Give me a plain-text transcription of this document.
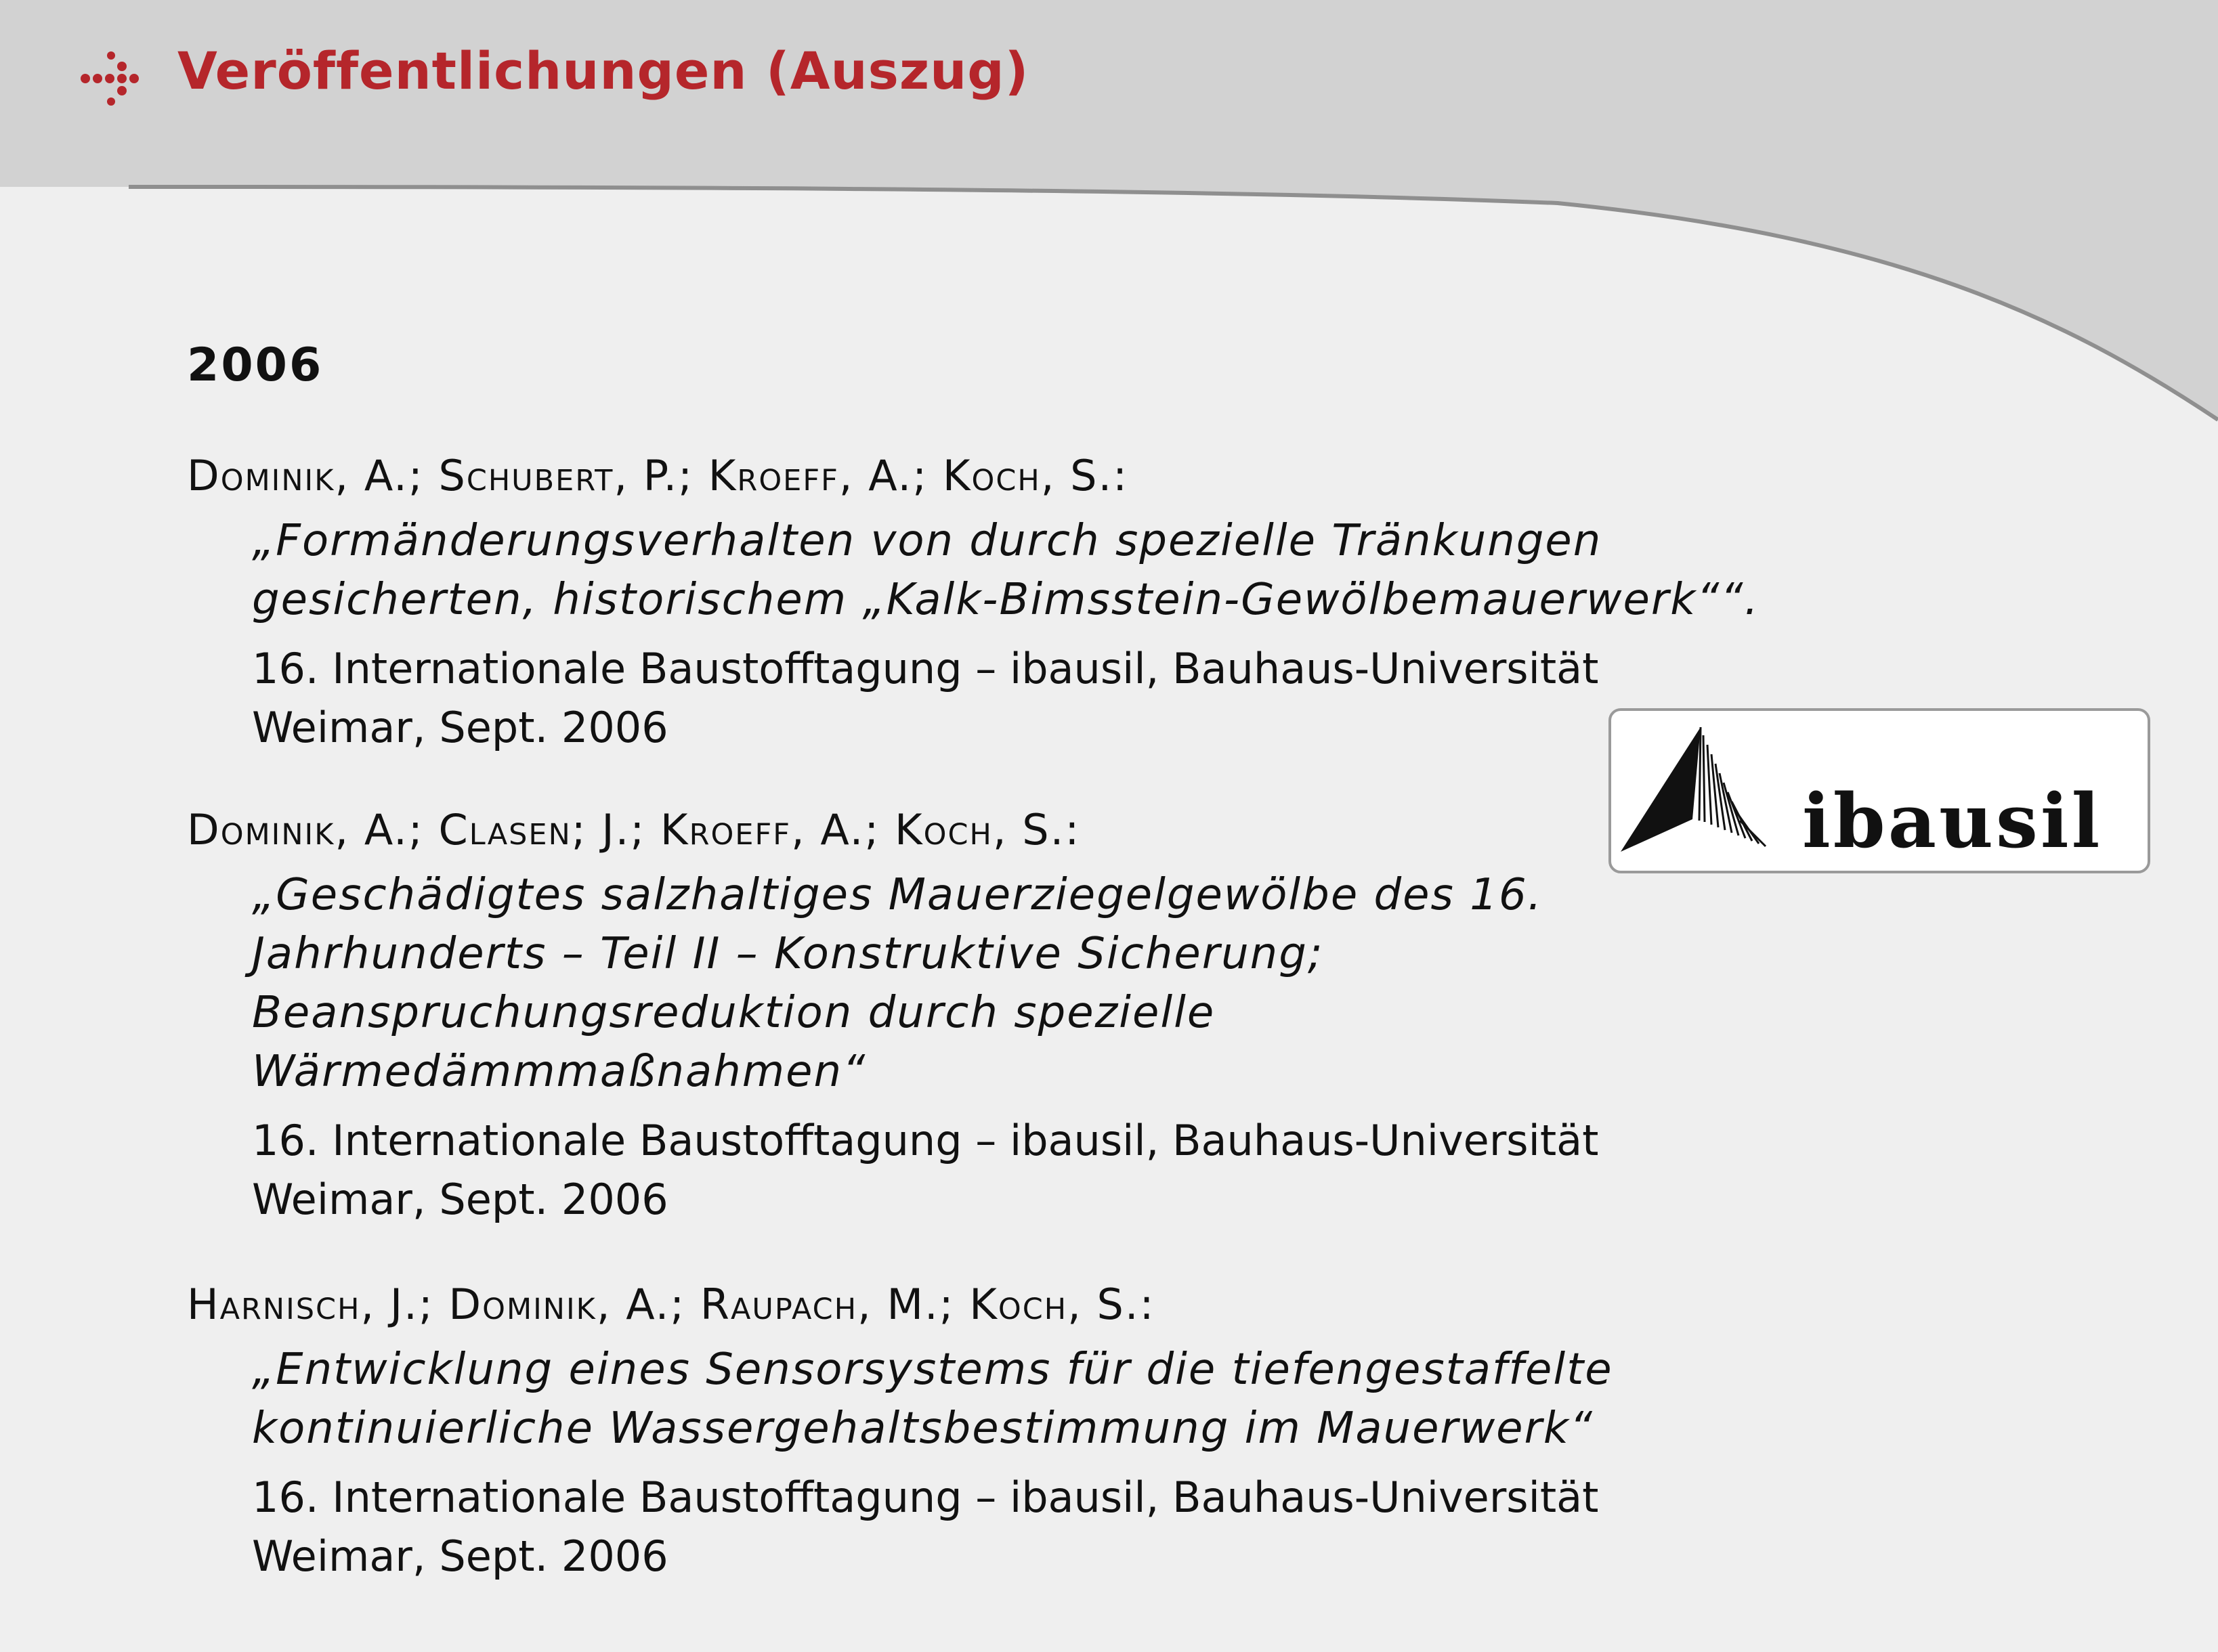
Veröffentlichungen (Auszug)
2006
Dominik, A.; Schubert, P.; Kroeff, A.; Koch, S.:
„Formänderungsverhalten von durch spezielle Tränkungen
gesicherten, historischem „Kalk-Bimsstein-Gewölbemauerwerk““.
16. Internationale Baustofftagung – ibausil, Bauhaus-Universität
Weimar, Sept. 2006
Dominik, A.; Clasen; J.; Kroeff, A.; Koch, S.:
„Geschädigtes salzhaltiges Mauerziegelgewölbe des 16.
Jahrhunderts – Teil II – Konstruktive Sicherung;
Beanspruchungsreduktion durch spezielle
Wärmedämmmaßnahmen“
16. Internationale Baustofftagung – ibausil, Bauhaus-Universität
Weimar, Sept. 2006
Harnisch, J.; Dominik, A.; Raupach, M.; Koch, S.:
„Entwicklung eines Sensorsystems für die tiefengestaffelte
kontinuierliche Wassergehaltsbestimmung im Mauerwerk“
16. Internationale Baustofftagung – ibausil, Bauhaus-Universität
Weimar, Sept. 2006
ibausil
